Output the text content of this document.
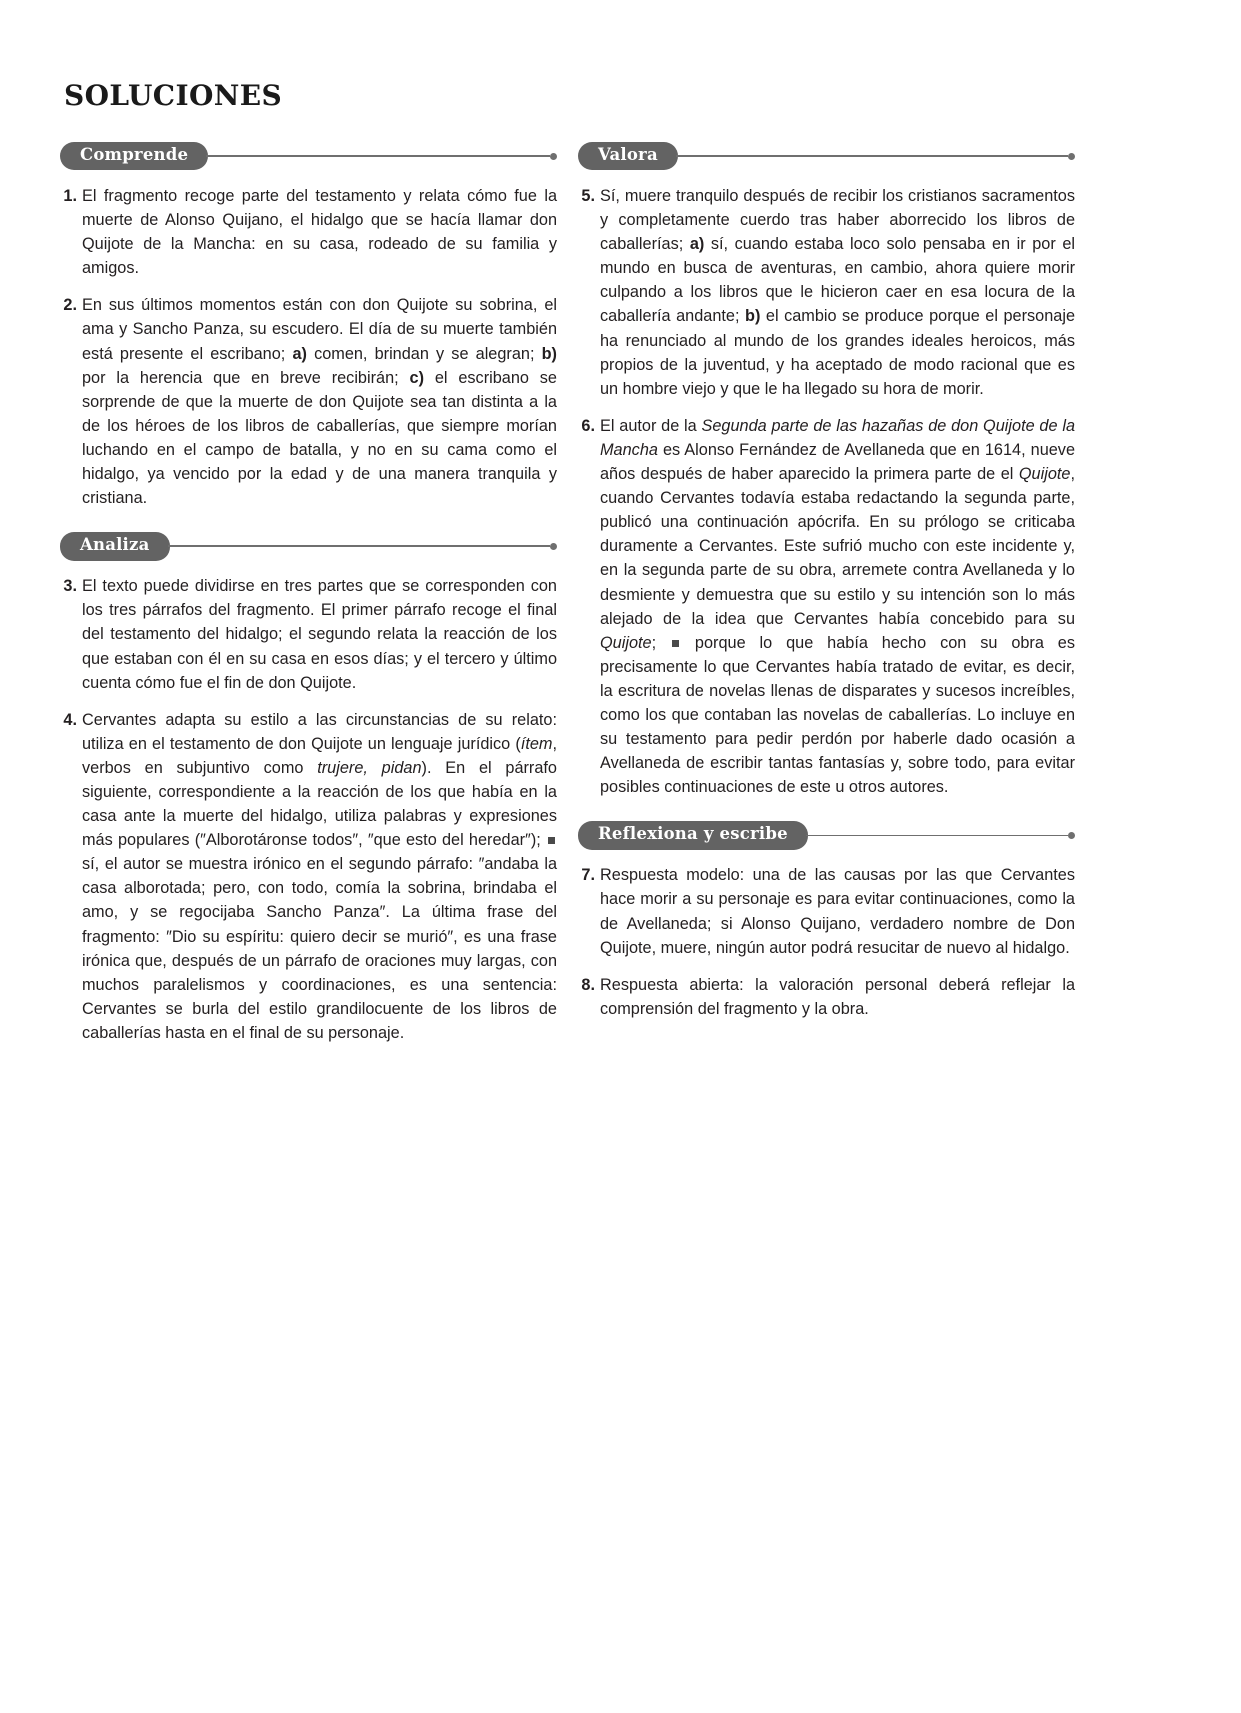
SOLUCIONES
Comprende
1. El fragmento recoge parte del testamento y relata cómo fue la muerte de Alonso Quijano, el hidalgo que se hacía llamar don Quijote de la Mancha: en su casa, rodeado de su familia y amigos.
2. En sus últimos momentos están con don Quijote su sobrina, el ama y Sancho Panza, su escudero. El día de su muerte también está presente el escribano; a) comen, brindan y se alegran; b) por la herencia que en breve recibirán; c) el escribano se sorprende de que la muerte de don Quijote sea tan distinta a la de los héroes de los libros de caballerías, que siempre morían luchando en el campo de batalla, y no en su cama como el hidalgo, ya vencido por la edad y de una manera tranquila y cristiana.
Analiza
3. El texto puede dividirse en tres partes que se corresponden con los tres párrafos del fragmento. El primer párrafo recoge el final del testamento del hidalgo; el segundo relata la reacción de los que estaban con él en su casa en esos días; y el tercero y último cuenta cómo fue el fin de don Quijote.
4. Cervantes adapta su estilo a las circunstancias de su relato: utiliza en el testamento de don Quijote un lenguaje jurídico (ítem, verbos en subjuntivo como trujere, pidan). En el párrafo siguiente, correspondiente a la reacción de los que había en la casa ante la muerte del hidalgo, utiliza palabras y expresiones más populares (″Alborotáronse todos″, ″que esto del heredar″);  sí, el autor se muestra irónico en el segundo párrafo: ″andaba la casa alborotada; pero, con todo, comía la sobrina, brindaba el amo, y se regocijaba Sancho Panza″. La última frase del fragmento: ″Dio su espíritu: quiero decir se murió″, es una frase irónica que, después de un párrafo de oraciones muy largas, con muchos paralelismos y coordinaciones, es una sentencia: Cervantes se burla del estilo grandilocuente de los libros de caballerías hasta en el final de su personaje.
Valora
5. Sí, muere tranquilo después de recibir los cristianos sacramentos y completamente cuerdo tras haber aborrecido los libros de caballerías; a) sí, cuando estaba loco solo pensaba en ir por el mundo en busca de aventuras, en cambio, ahora quiere morir culpando a los libros que le hicieron caer en esa locura de la caballería andante; b) el cambio se produce porque el personaje ha renunciado al mundo de los grandes ideales heroicos, más propios de la juventud, y ha aceptado de modo racional que es un hombre viejo y que le ha llegado su hora de morir.
6. El autor de la Segunda parte de las hazañas de don Quijote de la Mancha es Alonso Fernández de Avellaneda que en 1614, nueve años después de haber aparecido la primera parte de el Quijote, cuando Cervantes todavía estaba redactando la segunda parte, publicó una continuación apócrifa. En su prólogo se criticaba duramente a Cervantes. Este sufrió mucho con este incidente y, en la segunda parte de su obra, arremete contra Avellaneda y lo desmiente y demuestra que su estilo y su intención son lo más alejado de la idea que Cervantes había concebido para su Quijote;  porque lo que había hecho con su obra es precisamente lo que Cervantes había tratado de evitar, es decir, la escritura de novelas llenas de disparates y sucesos increíbles, como los que contaban las novelas de caballerías. Lo incluye en su testamento para pedir perdón por haberle dado ocasión a Avellaneda de escribir tantas fantasías y, sobre todo, para evitar posibles continuaciones de este u otros autores.
Reflexiona y escribe
7. Respuesta modelo: una de las causas por las que Cervantes hace morir a su personaje es para evitar continuaciones, como la de Avellaneda; si Alonso Quijano, verdadero nombre de Don Quijote, muere, ningún autor podrá resucitar de nuevo al hidalgo.
8. Respuesta abierta: la valoración personal deberá reflejar la comprensión del fragmento y la obra.
